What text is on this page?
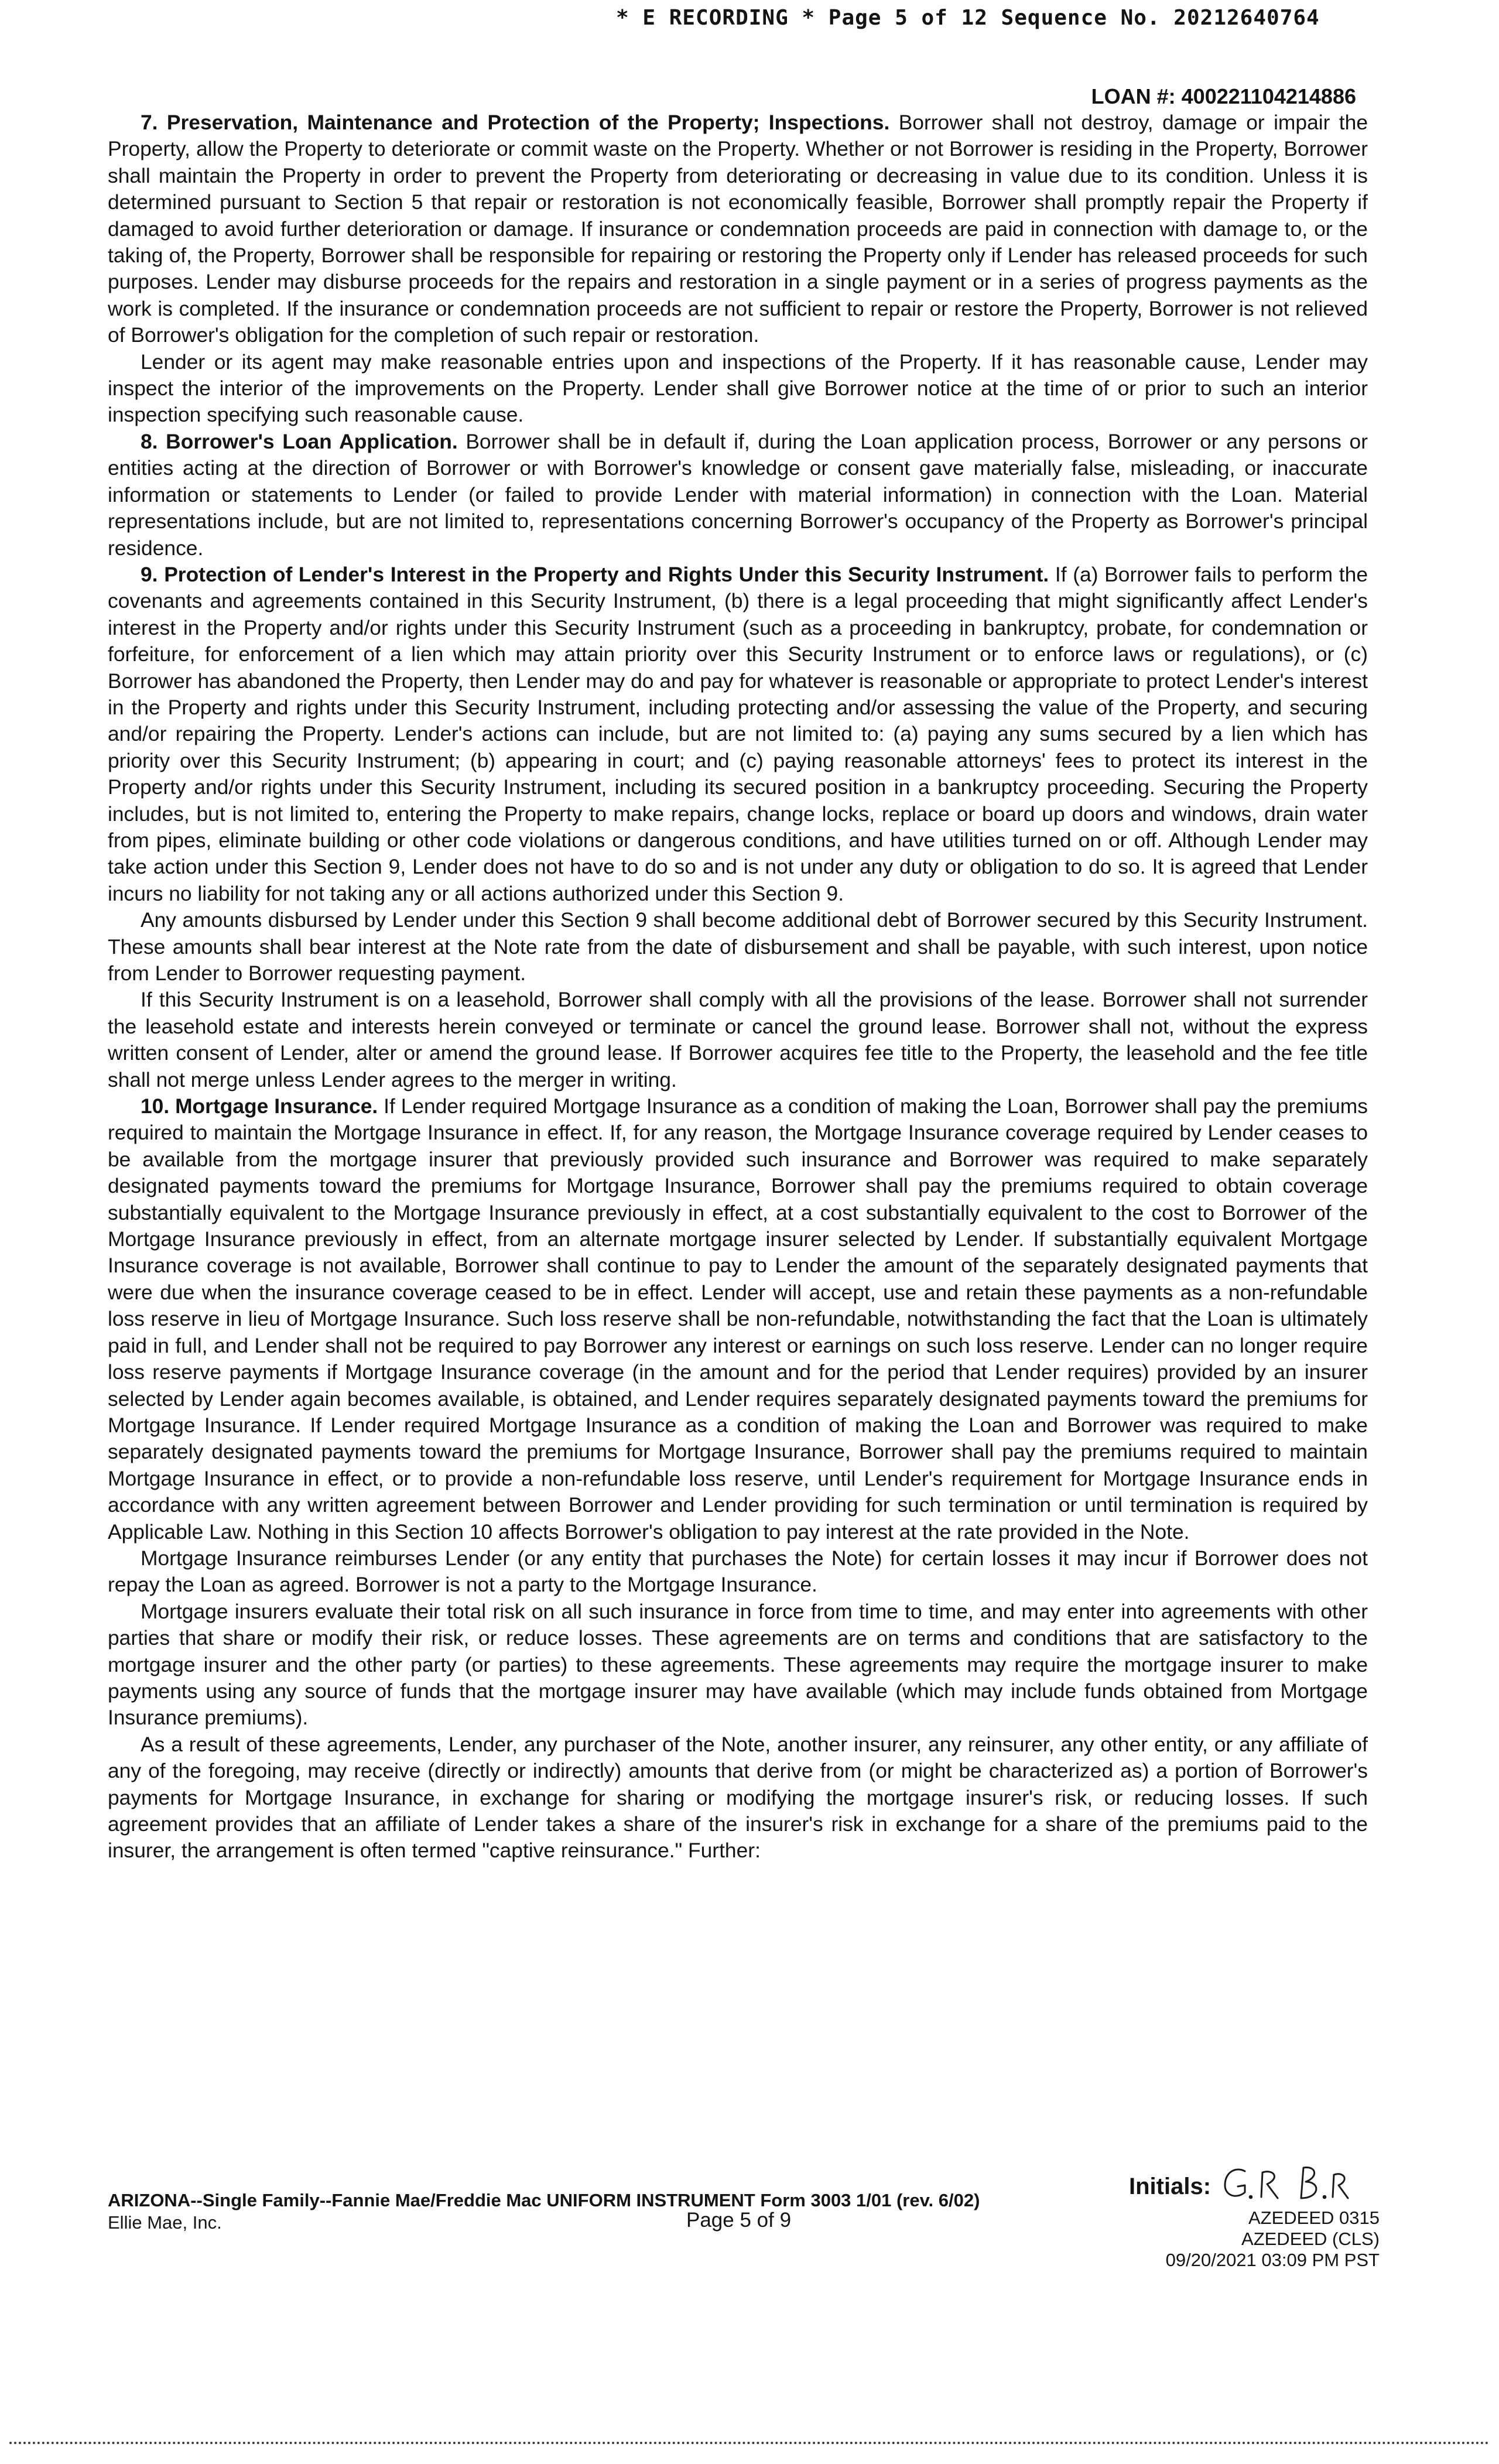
* E RECORDING * Page 5 of 12 Sequence No. 20212640764
LOAN #: 400221104214886

7. Preservation, Maintenance and Protection of the Property; Inspections. Borrower shall not destroy, damage or impair the Property, allow the Property to deteriorate or commit waste on the Property. Whether or not Borrower is residing in the Property, Borrower shall maintain the Property in order to prevent the Property from deteriorating or decreasing in value due to its condition. Unless it is determined pursuant to Section 5 that repair or restoration is not economically feasible, Borrower shall promptly repair the Property if damaged to avoid further deterioration or damage. If insurance or condemnation proceeds are paid in connection with damage to, or the taking of, the Property, Borrower shall be responsible for repairing or restoring the Property only if Lender has released proceeds for such purposes. Lender may disburse proceeds for the repairs and restoration in a single payment or in a series of progress payments as the work is completed. If the insurance or condemnation proceeds are not sufficient to repair or restore the Property, Borrower is not relieved of Borrower's obligation for the completion of such repair or restoration.

Lender or its agent may make reasonable entries upon and inspections of the Property. If it has reasonable cause, Lender may inspect the interior of the improvements on the Property. Lender shall give Borrower notice at the time of or prior to such an interior inspection specifying such reasonable cause.

8. Borrower's Loan Application. Borrower shall be in default if, during the Loan application process, Borrower or any persons or entities acting at the direction of Borrower or with Borrower's knowledge or consent gave materially false, misleading, or inaccurate information or statements to Lender (or failed to provide Lender with material information) in connection with the Loan. Material representations include, but are not limited to, representations concerning Borrower's occupancy of the Property as Borrower's principal residence.

9. Protection of Lender's Interest in the Property and Rights Under this Security Instrument. If (a) Borrower fails to perform the covenants and agreements contained in this Security Instrument, (b) there is a legal proceeding that might significantly affect Lender's interest in the Property and/or rights under this Security Instrument (such as a proceeding in bankruptcy, probate, for condemnation or forfeiture, for enforcement of a lien which may attain priority over this Security Instrument or to enforce laws or regulations), or (c) Borrower has abandoned the Property, then Lender may do and pay for whatever is reasonable or appropriate to protect Lender's interest in the Property and rights under this Security Instrument, including protecting and/or assessing the value of the Property, and securing and/or repairing the Property. Lender's actions can include, but are not limited to: (a) paying any sums secured by a lien which has priority over this Security Instrument; (b) appearing in court; and (c) paying reasonable attorneys' fees to protect its interest in the Property and/or rights under this Security Instrument, including its secured position in a bankruptcy proceeding. Securing the Property includes, but is not limited to, entering the Property to make repairs, change locks, replace or board up doors and windows, drain water from pipes, eliminate building or other code violations or dangerous conditions, and have utilities turned on or off. Although Lender may take action under this Section 9, Lender does not have to do so and is not under any duty or obligation to do so. It is agreed that Lender incurs no liability for not taking any or all actions authorized under this Section 9.

Any amounts disbursed by Lender under this Section 9 shall become additional debt of Borrower secured by this Security Instrument. These amounts shall bear interest at the Note rate from the date of disbursement and shall be payable, with such interest, upon notice from Lender to Borrower requesting payment.

If this Security Instrument is on a leasehold, Borrower shall comply with all the provisions of the lease. Borrower shall not surrender the leasehold estate and interests herein conveyed or terminate or cancel the ground lease. Borrower shall not, without the express written consent of Lender, alter or amend the ground lease. If Borrower acquires fee title to the Property, the leasehold and the fee title shall not merge unless Lender agrees to the merger in writing.

10. Mortgage Insurance. If Lender required Mortgage Insurance as a condition of making the Loan, Borrower shall pay the premiums required to maintain the Mortgage Insurance in effect. If, for any reason, the Mortgage Insurance coverage required by Lender ceases to be available from the mortgage insurer that previously provided such insurance and Borrower was required to make separately designated payments toward the premiums for Mortgage Insurance, Borrower shall pay the premiums required to obtain coverage substantially equivalent to the Mortgage Insurance previously in effect, at a cost substantially equivalent to the cost to Borrower of the Mortgage Insurance previously in effect, from an alternate mortgage insurer selected by Lender. If substantially equivalent Mortgage Insurance coverage is not available, Borrower shall continue to pay to Lender the amount of the separately designated payments that were due when the insurance coverage ceased to be in effect. Lender will accept, use and retain these payments as a non-refundable loss reserve in lieu of Mortgage Insurance. Such loss reserve shall be non-refundable, notwithstanding the fact that the Loan is ultimately paid in full, and Lender shall not be required to pay Borrower any interest or earnings on such loss reserve. Lender can no longer require loss reserve payments if Mortgage Insurance coverage (in the amount and for the period that Lender requires) provided by an insurer selected by Lender again becomes available, is obtained, and Lender requires separately designated payments toward the premiums for Mortgage Insurance. If Lender required Mortgage Insurance as a condition of making the Loan and Borrower was required to make separately designated payments toward the premiums for Mortgage Insurance, Borrower shall pay the premiums required to maintain Mortgage Insurance in effect, or to provide a non-refundable loss reserve, until Lender's requirement for Mortgage Insurance ends in accordance with any written agreement between Borrower and Lender providing for such termination or until termination is required by Applicable Law. Nothing in this Section 10 affects Borrower's obligation to pay interest at the rate provided in the Note.

Mortgage Insurance reimburses Lender (or any entity that purchases the Note) for certain losses it may incur if Borrower does not repay the Loan as agreed. Borrower is not a party to the Mortgage Insurance.

Mortgage insurers evaluate their total risk on all such insurance in force from time to time, and may enter into agreements with other parties that share or modify their risk, or reduce losses. These agreements are on terms and conditions that are satisfactory to the mortgage insurer and the other party (or parties) to these agreements. These agreements may require the mortgage insurer to make payments using any source of funds that the mortgage insurer may have available (which may include funds obtained from Mortgage Insurance premiums).

As a result of these agreements, Lender, any purchaser of the Note, another insurer, any reinsurer, any other entity, or any affiliate of any of the foregoing, may receive (directly or indirectly) amounts that derive from (or might be characterized as) a portion of Borrower's payments for Mortgage Insurance, in exchange for sharing or modifying the mortgage insurer's risk, or reducing losses. If such agreement provides that an affiliate of Lender takes a share of the insurer's risk in exchange for a share of the premiums paid to the insurer, the arrangement is often termed "captive reinsurance." Further:

ARIZONA--Single Family--Fannie Mae/Freddie Mac UNIFORM INSTRUMENT Form 3003 1/01 (rev. 6/02)
Ellie Mae, Inc.	Page 5 of 9
Initials:
AZEDEED 0315
AZEDEED (CLS)
09/20/2021 03:09 PM PST
